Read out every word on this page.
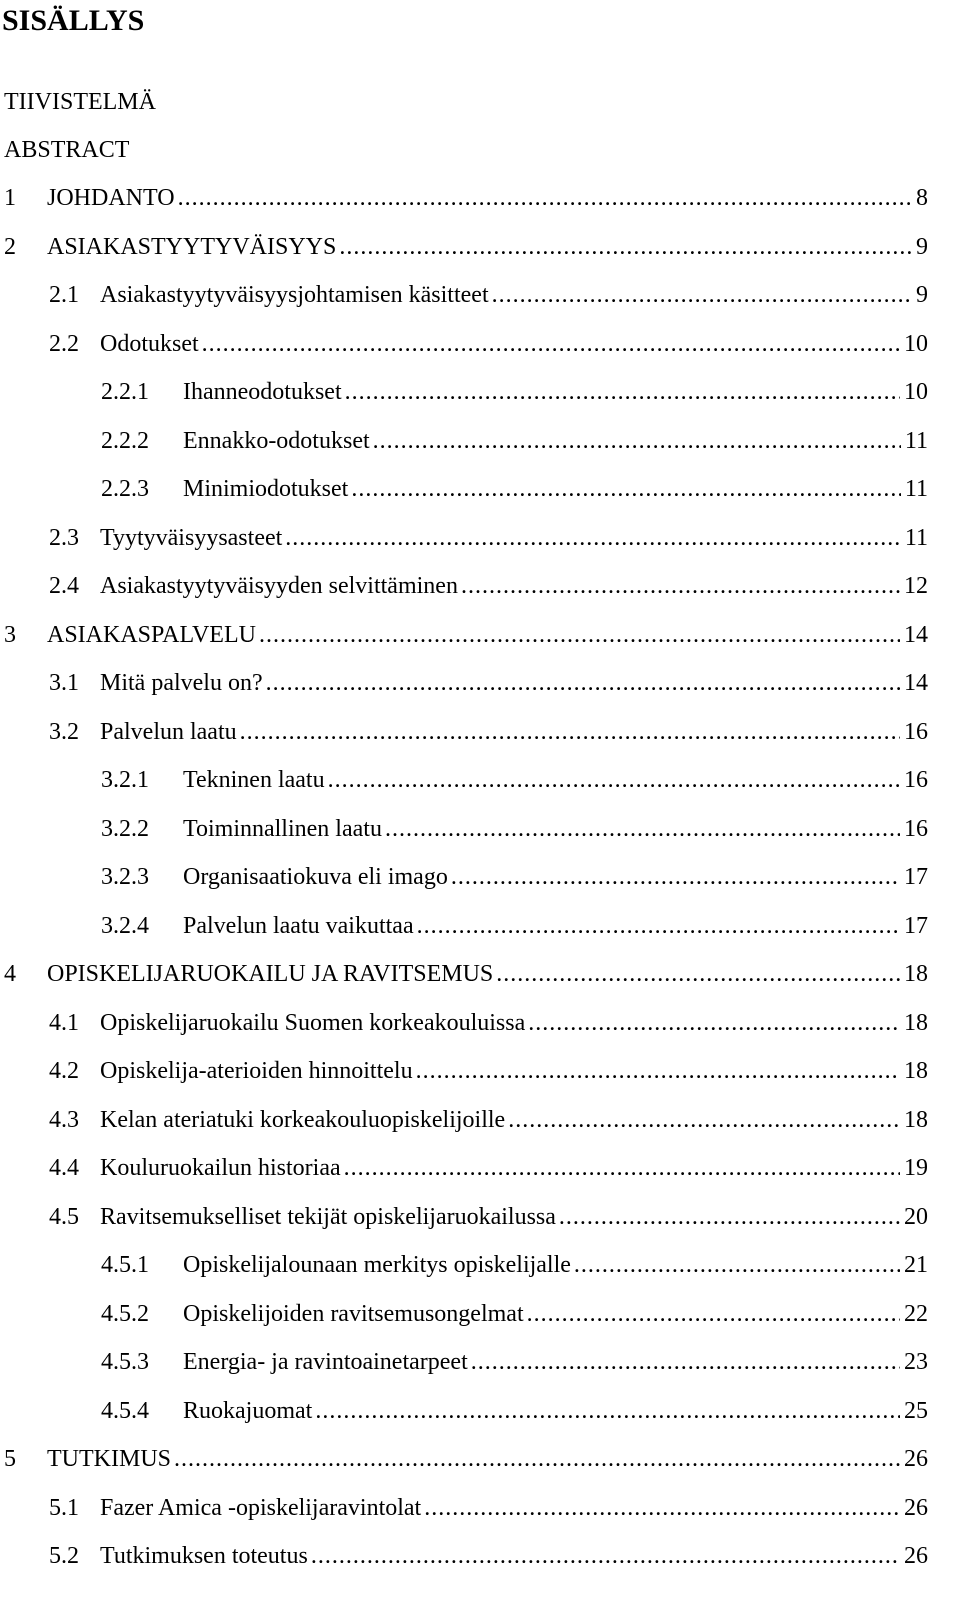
SISÄLLYS
TIIVISTELMÄ
ABSTRACT
1	JOHDANTO .....	8
2	ASIAKASTYYTYVÄISYYS .....	9
2.1 Asiakastyytyväisyysjohtamisen käsitteet .....	9
2.2 Odotukset .....	10
2.2.1	Ihanneodotukset .....	10
2.2.2	Ennakko-odotukset .....	11
2.2.3	Minimiodotukset .....	11
2.3 Tyytyväisyysasteet .....	11
2.4 Asiakastyytyväisyyden selvittäminen .....	12
3	ASIAKASPALVELU .....	14
3.1 Mitä palvelu on? .....	14
3.2 Palvelun laatu .....	16
3.2.1	Tekninen laatu .....	16
3.2.2	Toiminnallinen laatu .....	16
3.2.3	Organisaatiokuva eli imago .....	17
3.2.4	Palvelun laatu vaikuttaa .....	17
4	OPISKELIJARUOKAILU JA RAVITSEMUS .....	18
4.1 Opiskelijaruokailu Suomen korkeakouluissa .....	18
4.2 Opiskelija-aterioiden hinnoittelu .....	18
4.3 Kelan ateriatuki korkeakouluopiskelijoille .....	18
4.4 Kouluruokailun historiaa .....	19
4.5 Ravitsemukselliset tekijät opiskelijaruokailussa .....	20
4.5.1	Opiskelijalounaan merkitys opiskelijalle .....	21
4.5.2	Opiskelijoiden ravitsemusongelmat .....	22
4.5.3	Energia- ja ravintoainetarpeet .....	23
4.5.4	Ruokajuomat .....	25
5	TUTKIMUS .....	26
5.1 Fazer Amica -opiskelijaravintolat .....	26
5.2 Tutkimuksen toteutus .....	26
